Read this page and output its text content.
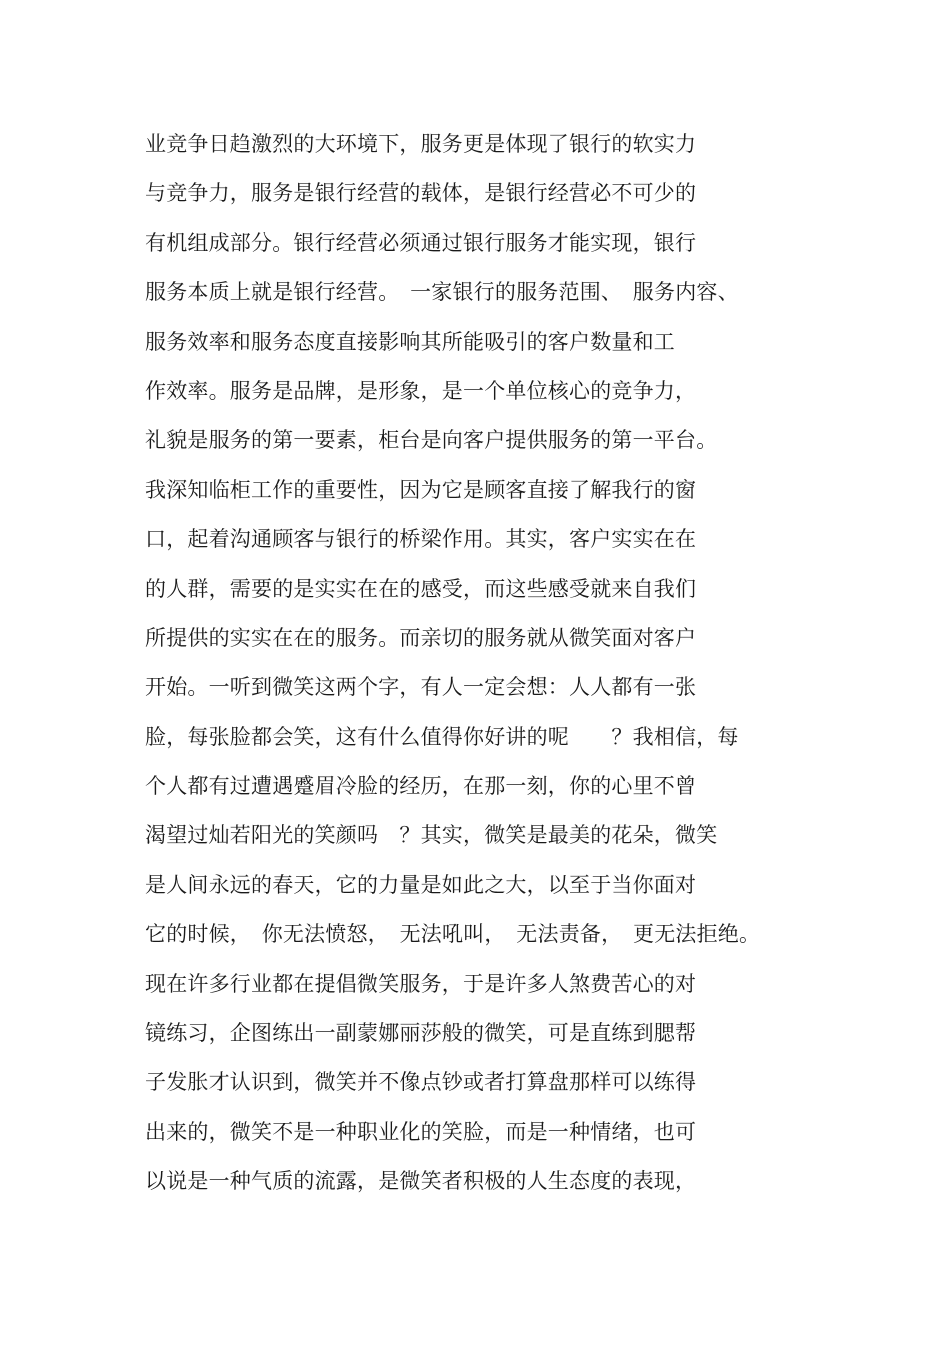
业竞争日趋激烈的大环境下，服务更是体现了银行的软实力
与竞争力，服务是银行经营的载体，是银行经营必不可少的
有机组成部分。银行经营必须通过银行服务才能实现，银行
服务本质上就是银行经营。　一家银行的服务范围、　服务内容、
服务效率和服务态度直接影响其所能吸引的客户数量和工
作效率。服务是品牌，是形象，是一个单位核心的竞争力，
礼貌是服务的第一要素，柜台是向客户提供服务的第一平台。
我深知临柜工作的重要性，因为它是顾客直接了解我行的窗
口，起着沟通顾客与银行的桥梁作用。其实，客户实实在在
的人群，需要的是实实在在的感受，而这些感受就来自我们
所提供的实实在在的服务。而亲切的服务就从微笑面对客户
开始。一听到微笑这两个字，有人一定会想：人人都有一张
脸，每张脸都会笑，这有什么值得你好讲的呢　　？我相信，每
个人都有过遭遇蹙眉冷脸的经历，在那一刻，你的心里不曾
渴望过灿若阳光的笑颜吗　？其实，微笑是最美的花朵，微笑
是人间永远的春天，它的力量是如此之大，以至于当你面对
它的时候，　你无法愤怒，　无法吼叫，　无法责备，　更无法拒绝。
现在许多行业都在提倡微笑服务，于是许多人煞费苦心的对
镜练习，企图练出一副蒙娜丽莎般的微笑，可是直练到腮帮
子发胀才认识到，微笑并不像点钞或者打算盘那样可以练得
出来的，微笑不是一种职业化的笑脸，而是一种情绪，也可
以说是一种气质的流露，是微笑者积极的人生态度的表现，
